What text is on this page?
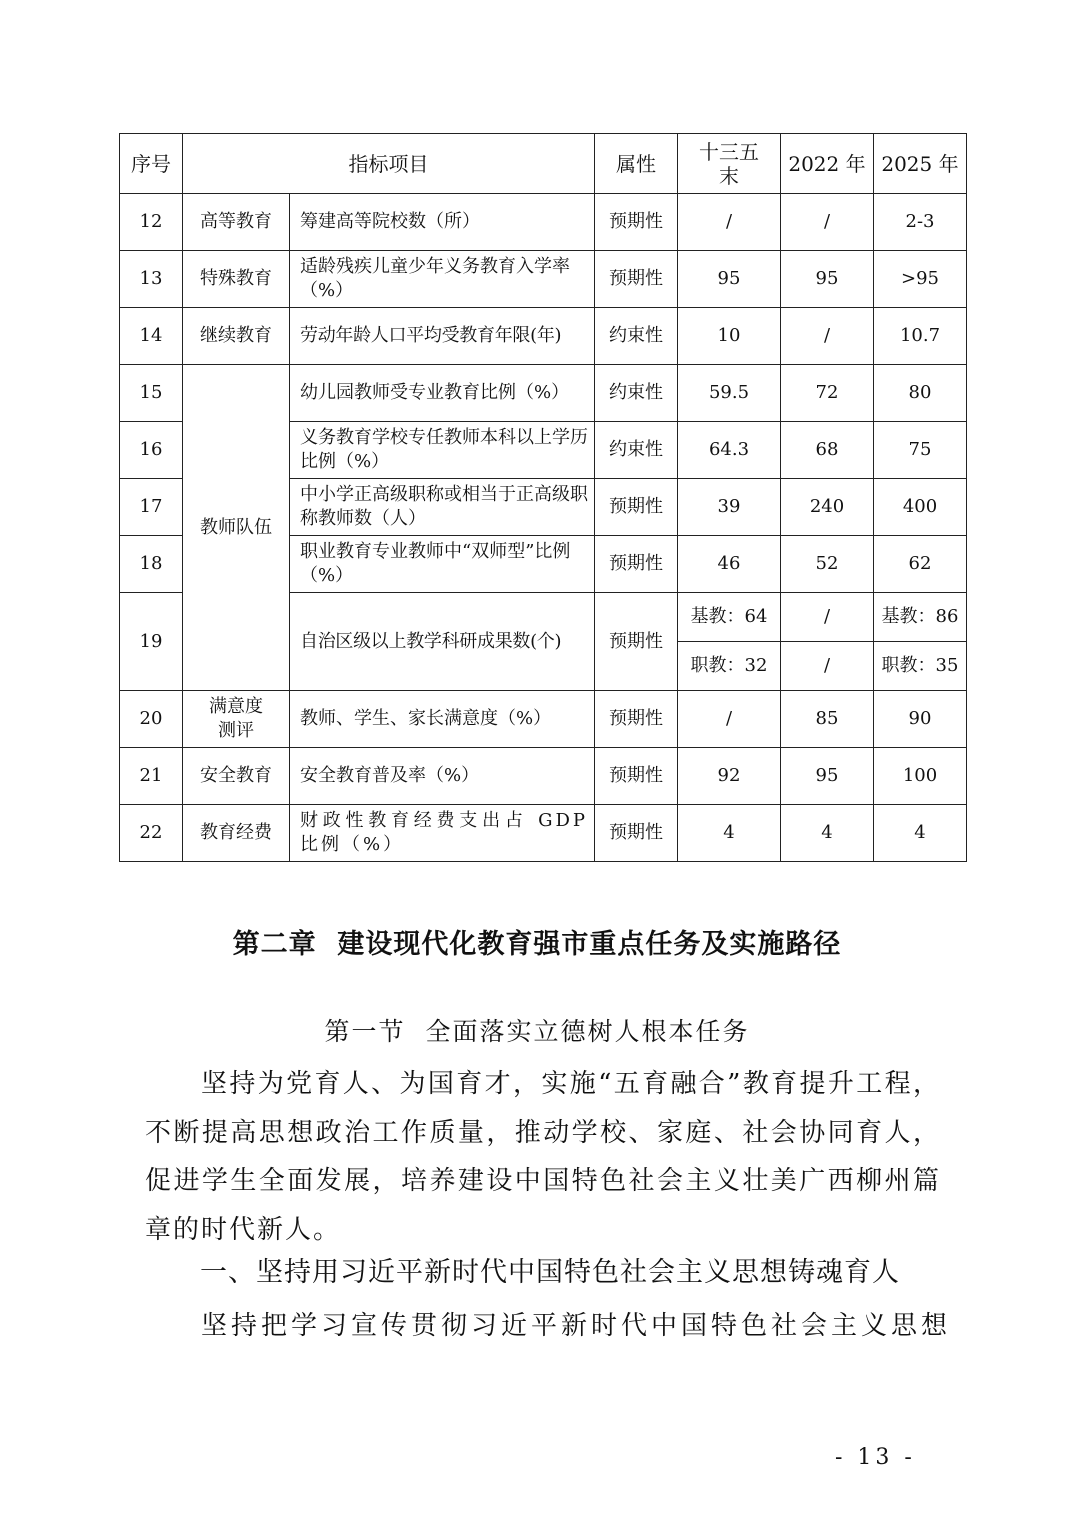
序号	指标项目		属性	十三五末	2022 年	2025 年
12	高等教育	筹建高等院校数（所）	预期性	/	/	2-3
13	特殊教育	适龄残疾儿童少年义务教育入学率（%）	预期性	95	95	>95
14	继续教育	劳动年龄人口平均受教育年限(年)	约束性	10	/	10.7
15	教师队伍	幼儿园教师受专业教育比例（%）	约束性	59.5	72	80
16		义务教育学校专任教师本科以上学历比例（%）	约束性	64.3	68	75
17		中小学正高级职称或相当于正高级职称教师数（人）	预期性	39	240	400
18		职业教育专业教师中“双师型”比例（%）	预期性	46	52	62
19		自治区级以上教学科研成果数(个)	预期性	基教：64	/	基教：86
				职教：32	/	职教：35
20	满意度测评	教师、学生、家长满意度（%）	预期性	/	85	90
21	安全教育	安全教育普及率（%）	预期性	92	95	100
22	教育经费	财政性教育经费支出占 GDP 比例（%）	预期性	4	4	4
第二章  建设现代化教育强市重点任务及实施路径
第一节  全面落实立德树人根本任务

坚持为党育人、为国育才，实施“五育融合”教育提升工程，不断提高思想政治工作质量，推动学校、家庭、社会协同育人，促进学生全面发展，培养建设中国特色社会主义壮美广西柳州篇章的时代新人。

一、坚持用习近平新时代中国特色社会主义思想铸魂育人

坚持把学习宣传贯彻习近平新时代中国特色社会主义思想

- 13 -
